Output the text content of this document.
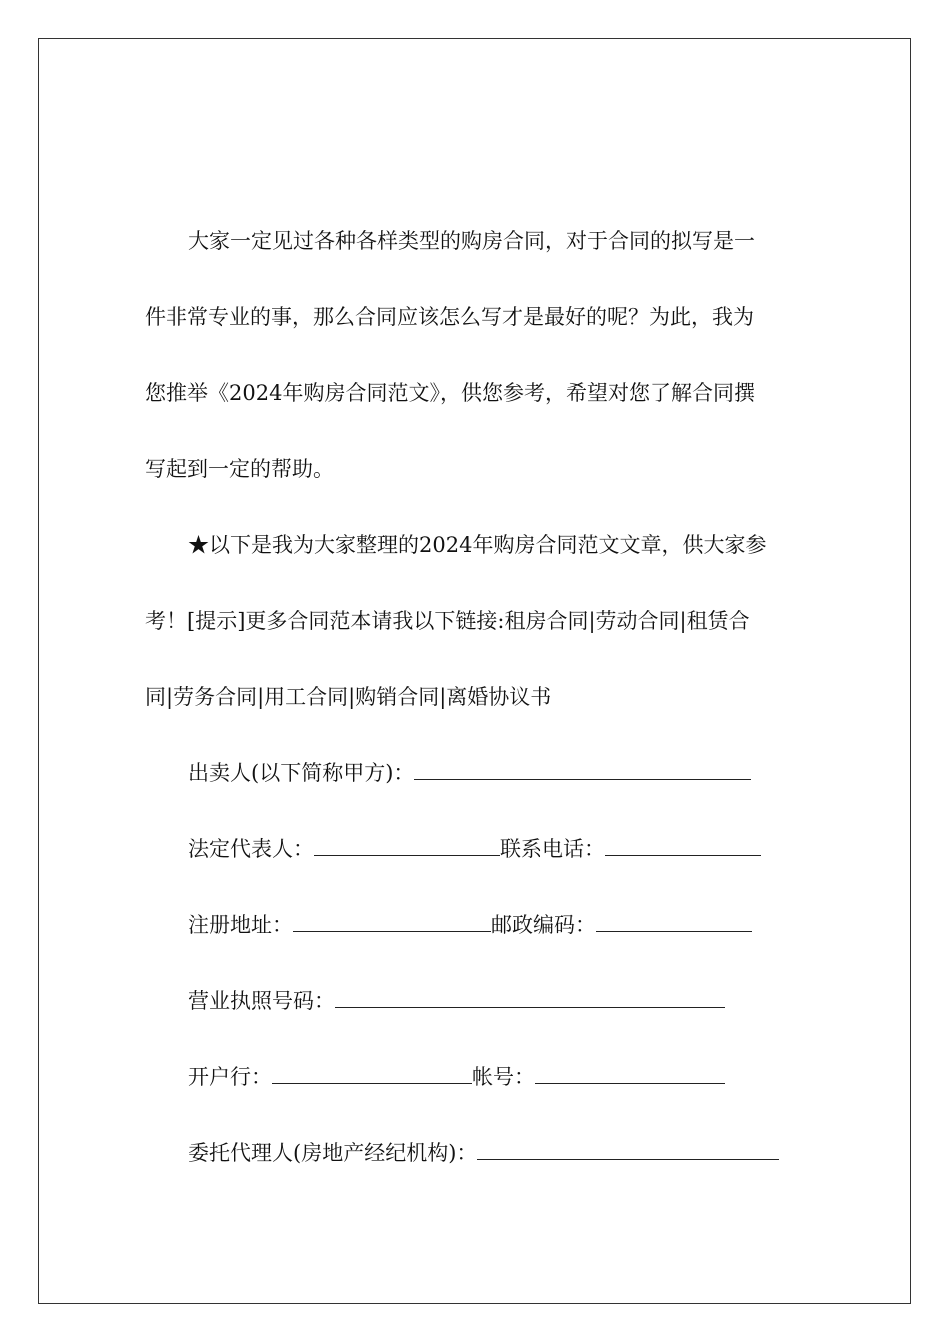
大家一定见过各种各样类型的购房合同，对于合同的拟写是一
件非常专业的事，那么合同应该怎么写才是最好的呢？为此，我为
您推举《2024年购房合同范文》，供您参考，希望对您了解合同撰
写起到一定的帮助。
★以下是我为大家整理的2024年购房合同范文文章，供大家参
考！[提示]更多合同范本请我以下链接:租房合同|劳动合同|租赁合
同|劳务合同|用工合同|购销合同|离婚协议书
出卖人(以下简称甲方)：
法定代表人：	联系电话：
注册地址：	邮政编码：
营业执照号码：
开户行：	帐号：
委托代理人(房地产经纪机构)：
